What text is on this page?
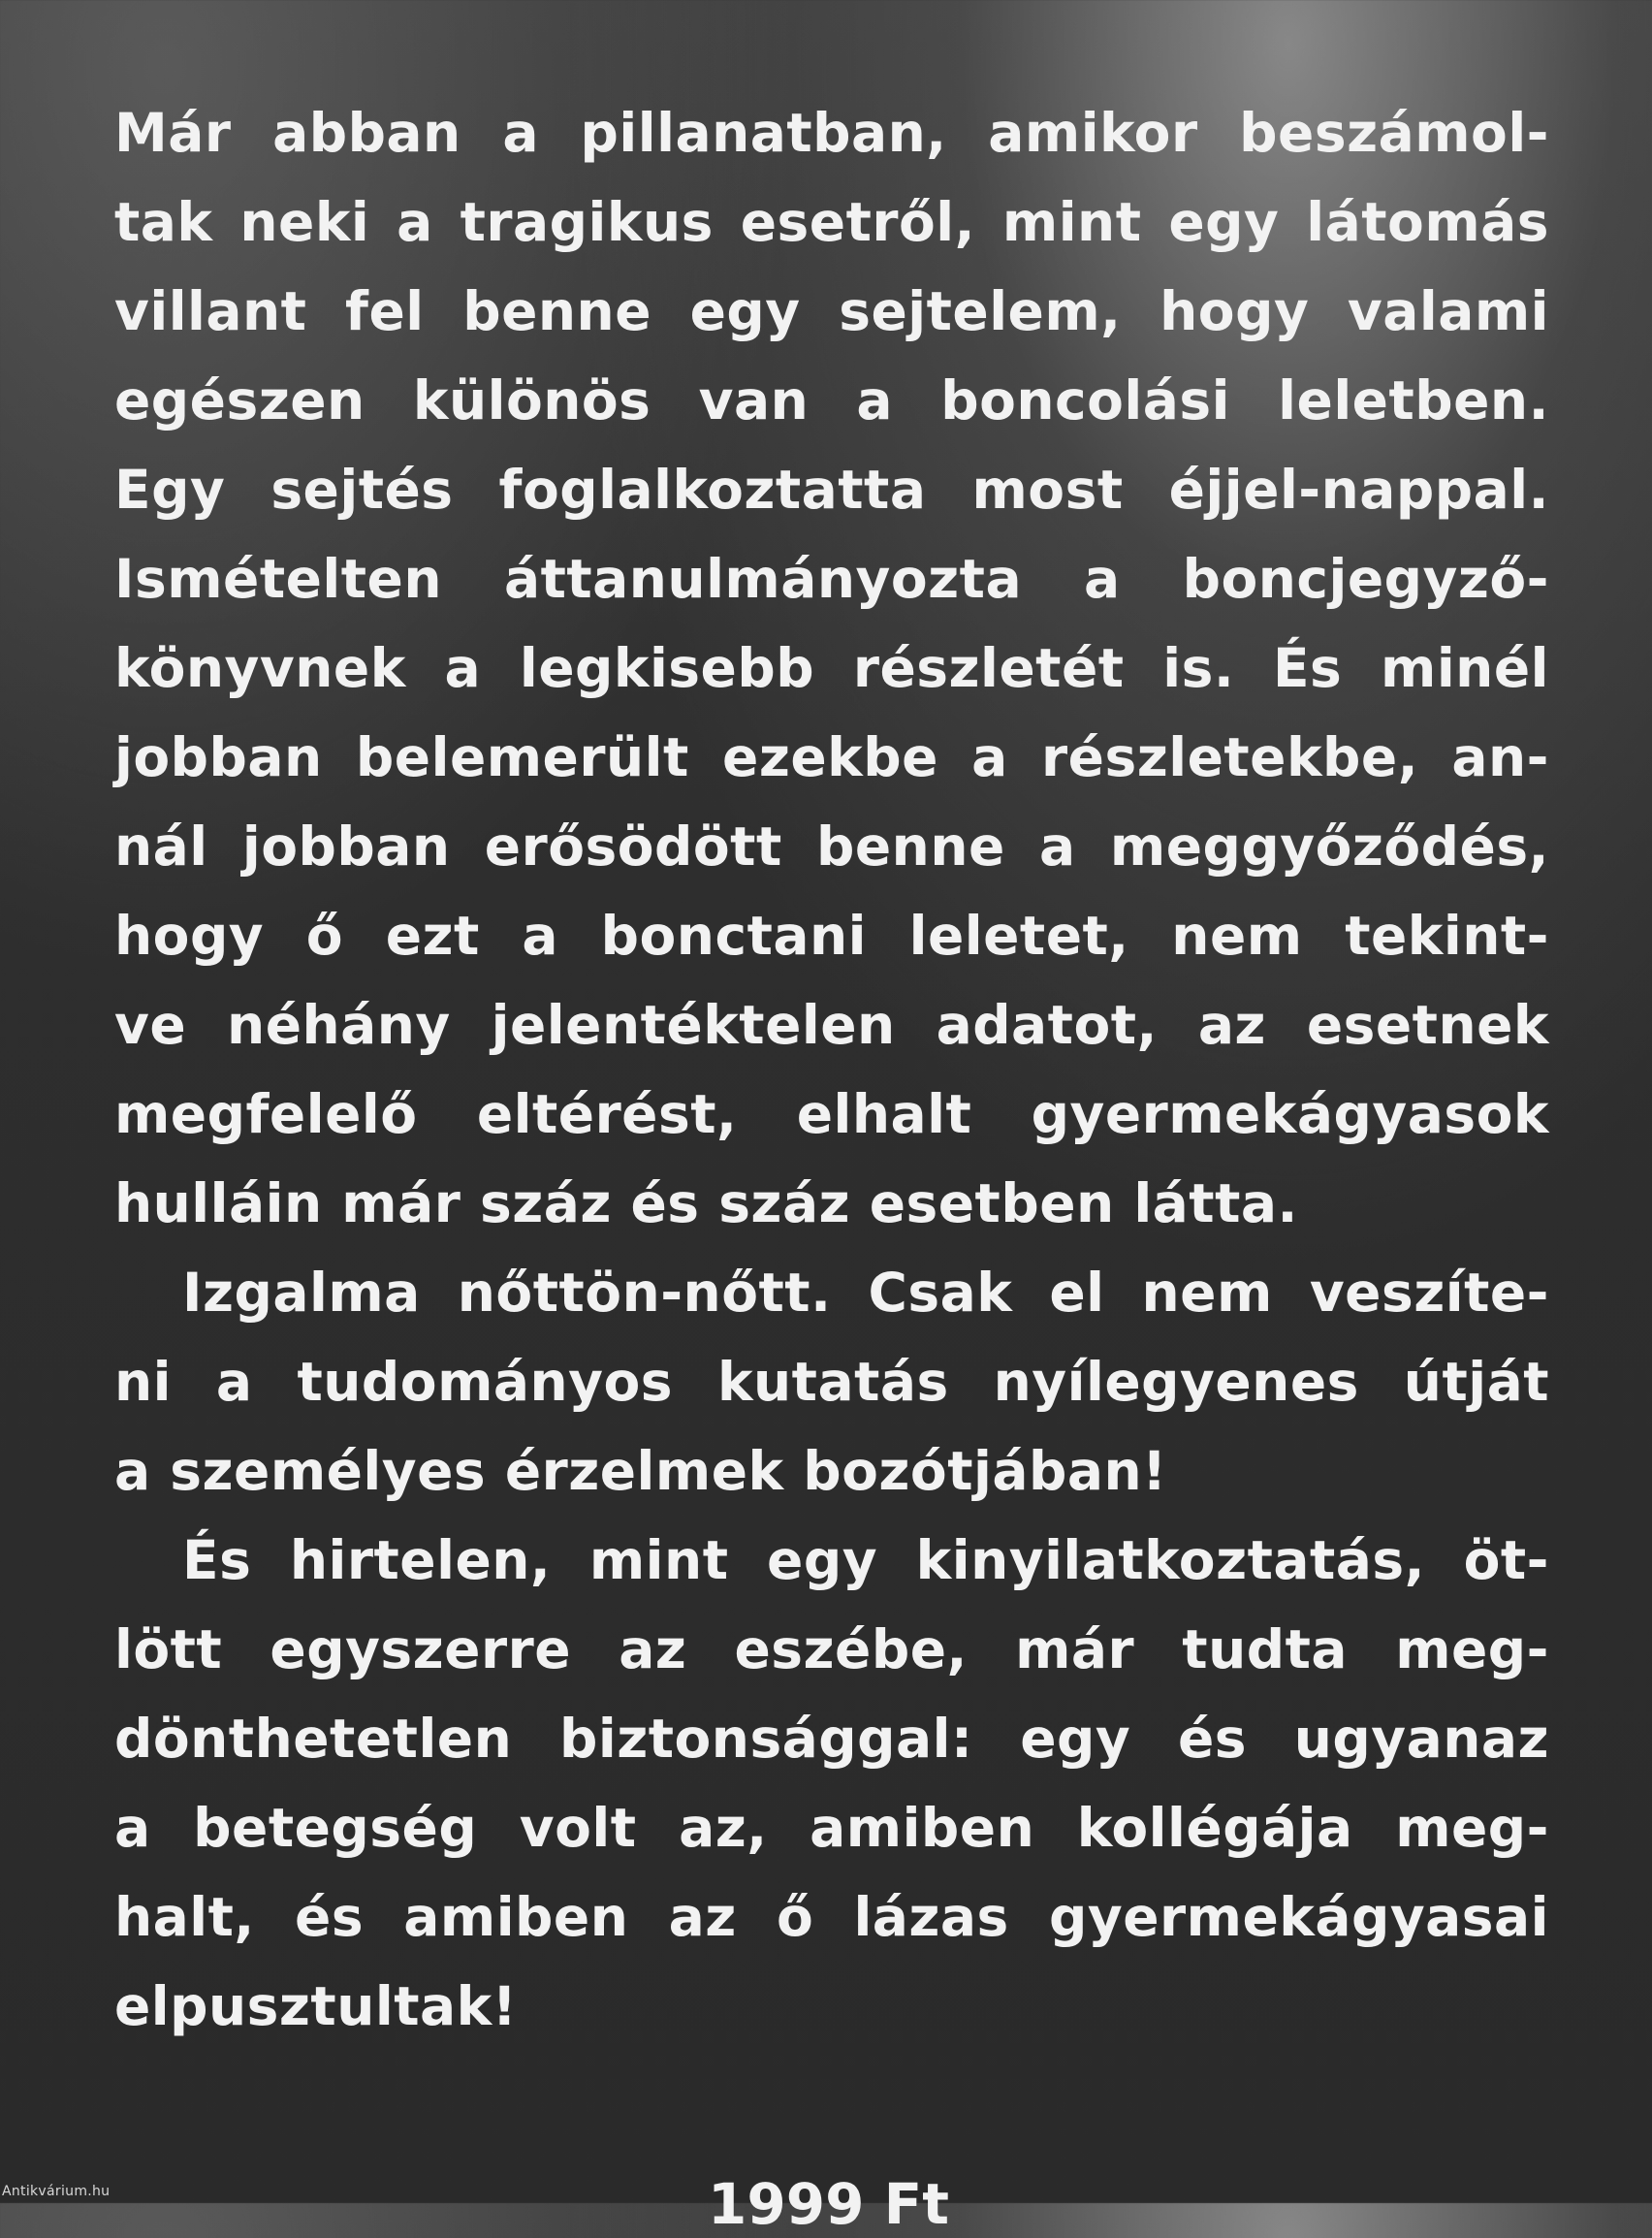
Már abban a pillanatban, amikor beszámol-
tak neki a tragikus esetről, mint egy látomás
villant fel benne egy sejtelem, hogy valami
egészen különös van a boncolási leletben.
Egy sejtés foglalkoztatta most éjjel-nappal.
Ismételten áttanulmányozta a boncjegyző-
könyvnek a legkisebb részletét is. És minél
jobban belemerült ezekbe a részletekbe, an-
nál jobban erősödött benne a meggyőződés,
hogy ő ezt a bonctani leletet, nem tekint-
ve néhány jelentéktelen adatot, az esetnek
megfelelő eltérést, elhalt gyermekágyasok
hulláin már száz és száz esetben látta.
Izgalma nőttön-nőtt. Csak el nem veszíte-
ni a tudományos kutatás nyílegyenes útját
a személyes érzelmek bozótjában!
És hirtelen, mint egy kinyilatkoztatás, öt-
lött egyszerre az eszébe, már tudta meg-
dönthetetlen biztonsággal: egy és ugyanaz
a betegség volt az, amiben kollégája meg-
halt, és amiben az ő lázas gyermekágyasai
elpusztultak!
1999 Ft
Antikvárium.hu
